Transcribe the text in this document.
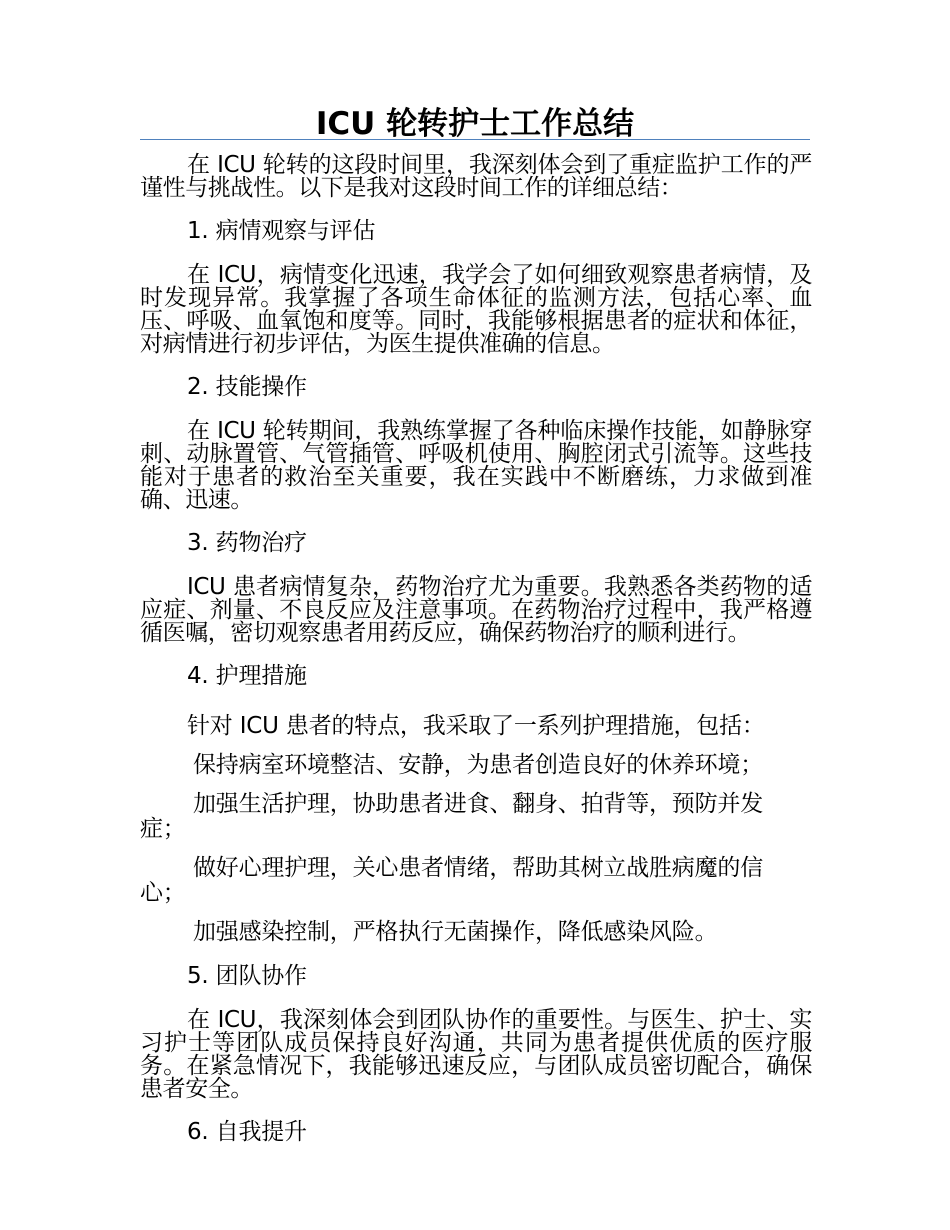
ICU 轮转护士工作总结

在 ICU 轮转的这段时间里，我深刻体会到了重症监护工作的严谨性与挑战性。以下是我对这段时间工作的详细总结：

1. 病情观察与评估

在 ICU，病情变化迅速，我学会了如何细致观察患者病情，及时发现异常。我掌握了各项生命体征的监测方法，包括心率、血压、呼吸、血氧饱和度等。同时，我能够根据患者的症状和体征，对病情进行初步评估，为医生提供准确的信息。

2. 技能操作

在 ICU 轮转期间，我熟练掌握了各种临床操作技能，如静脉穿刺、动脉置管、气管插管、呼吸机使用、胸腔闭式引流等。这些技能对于患者的救治至关重要，我在实践中不断磨练，力求做到准确、迅速。

3. 药物治疗

ICU 患者病情复杂，药物治疗尤为重要。我熟悉各类药物的适应症、剂量、不良反应及注意事项。在药物治疗过程中，我严格遵循医嘱，密切观察患者用药反应，确保药物治疗的顺利进行。

4. 护理措施

针对 ICU 患者的特点，我采取了一系列护理措施，包括：

保持病室环境整洁、安静，为患者创造良好的休养环境；

加强生活护理，协助患者进食、翻身、拍背等，预防并发症；

做好心理护理，关心患者情绪，帮助其树立战胜病魔的信心；

加强感染控制，严格执行无菌操作，降低感染风险。

5. 团队协作

在 ICU，我深刻体会到团队协作的重要性。与医生、护士、实习护士等团队成员保持良好沟通，共同为患者提供优质的医疗服务。在紧急情况下，我能够迅速反应，与团队成员密切配合，确保患者安全。

6. 自我提升
